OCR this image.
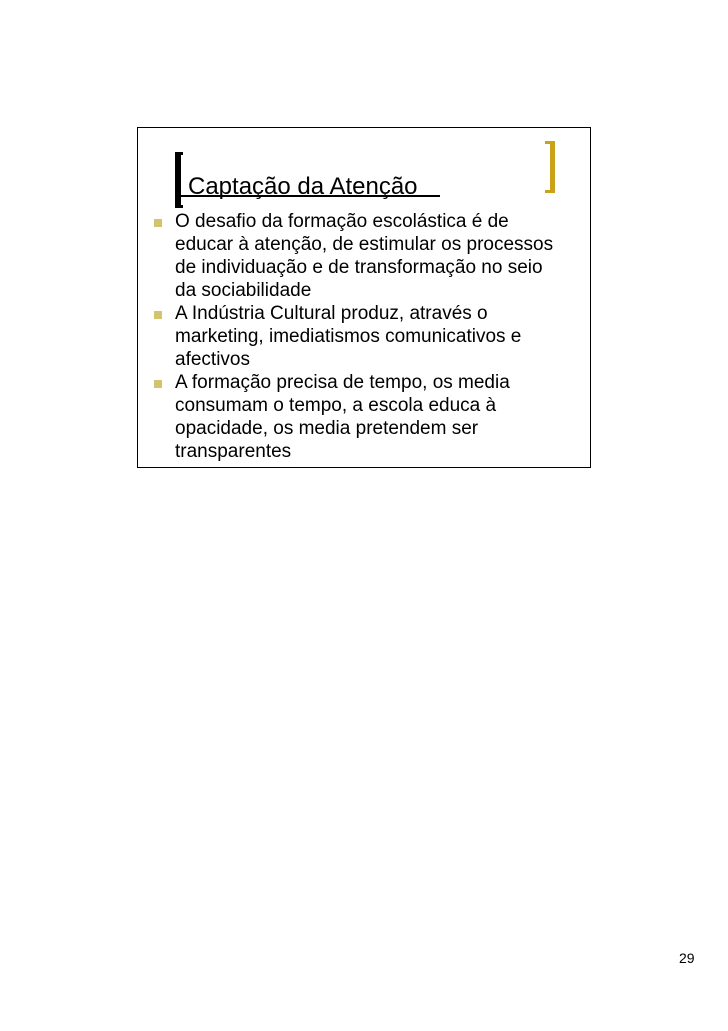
Captação da Atenção
O desafio da formação escolástica é de educar à atenção, de estimular os processos de individuação e de transformação no seio da sociabilidade
A Indústria Cultural produz, através o marketing, imediatismos comunicativos e afectivos
A formação precisa de tempo, os media consumam o tempo, a escola educa à opacidade, os media pretendem ser transparentes
29
